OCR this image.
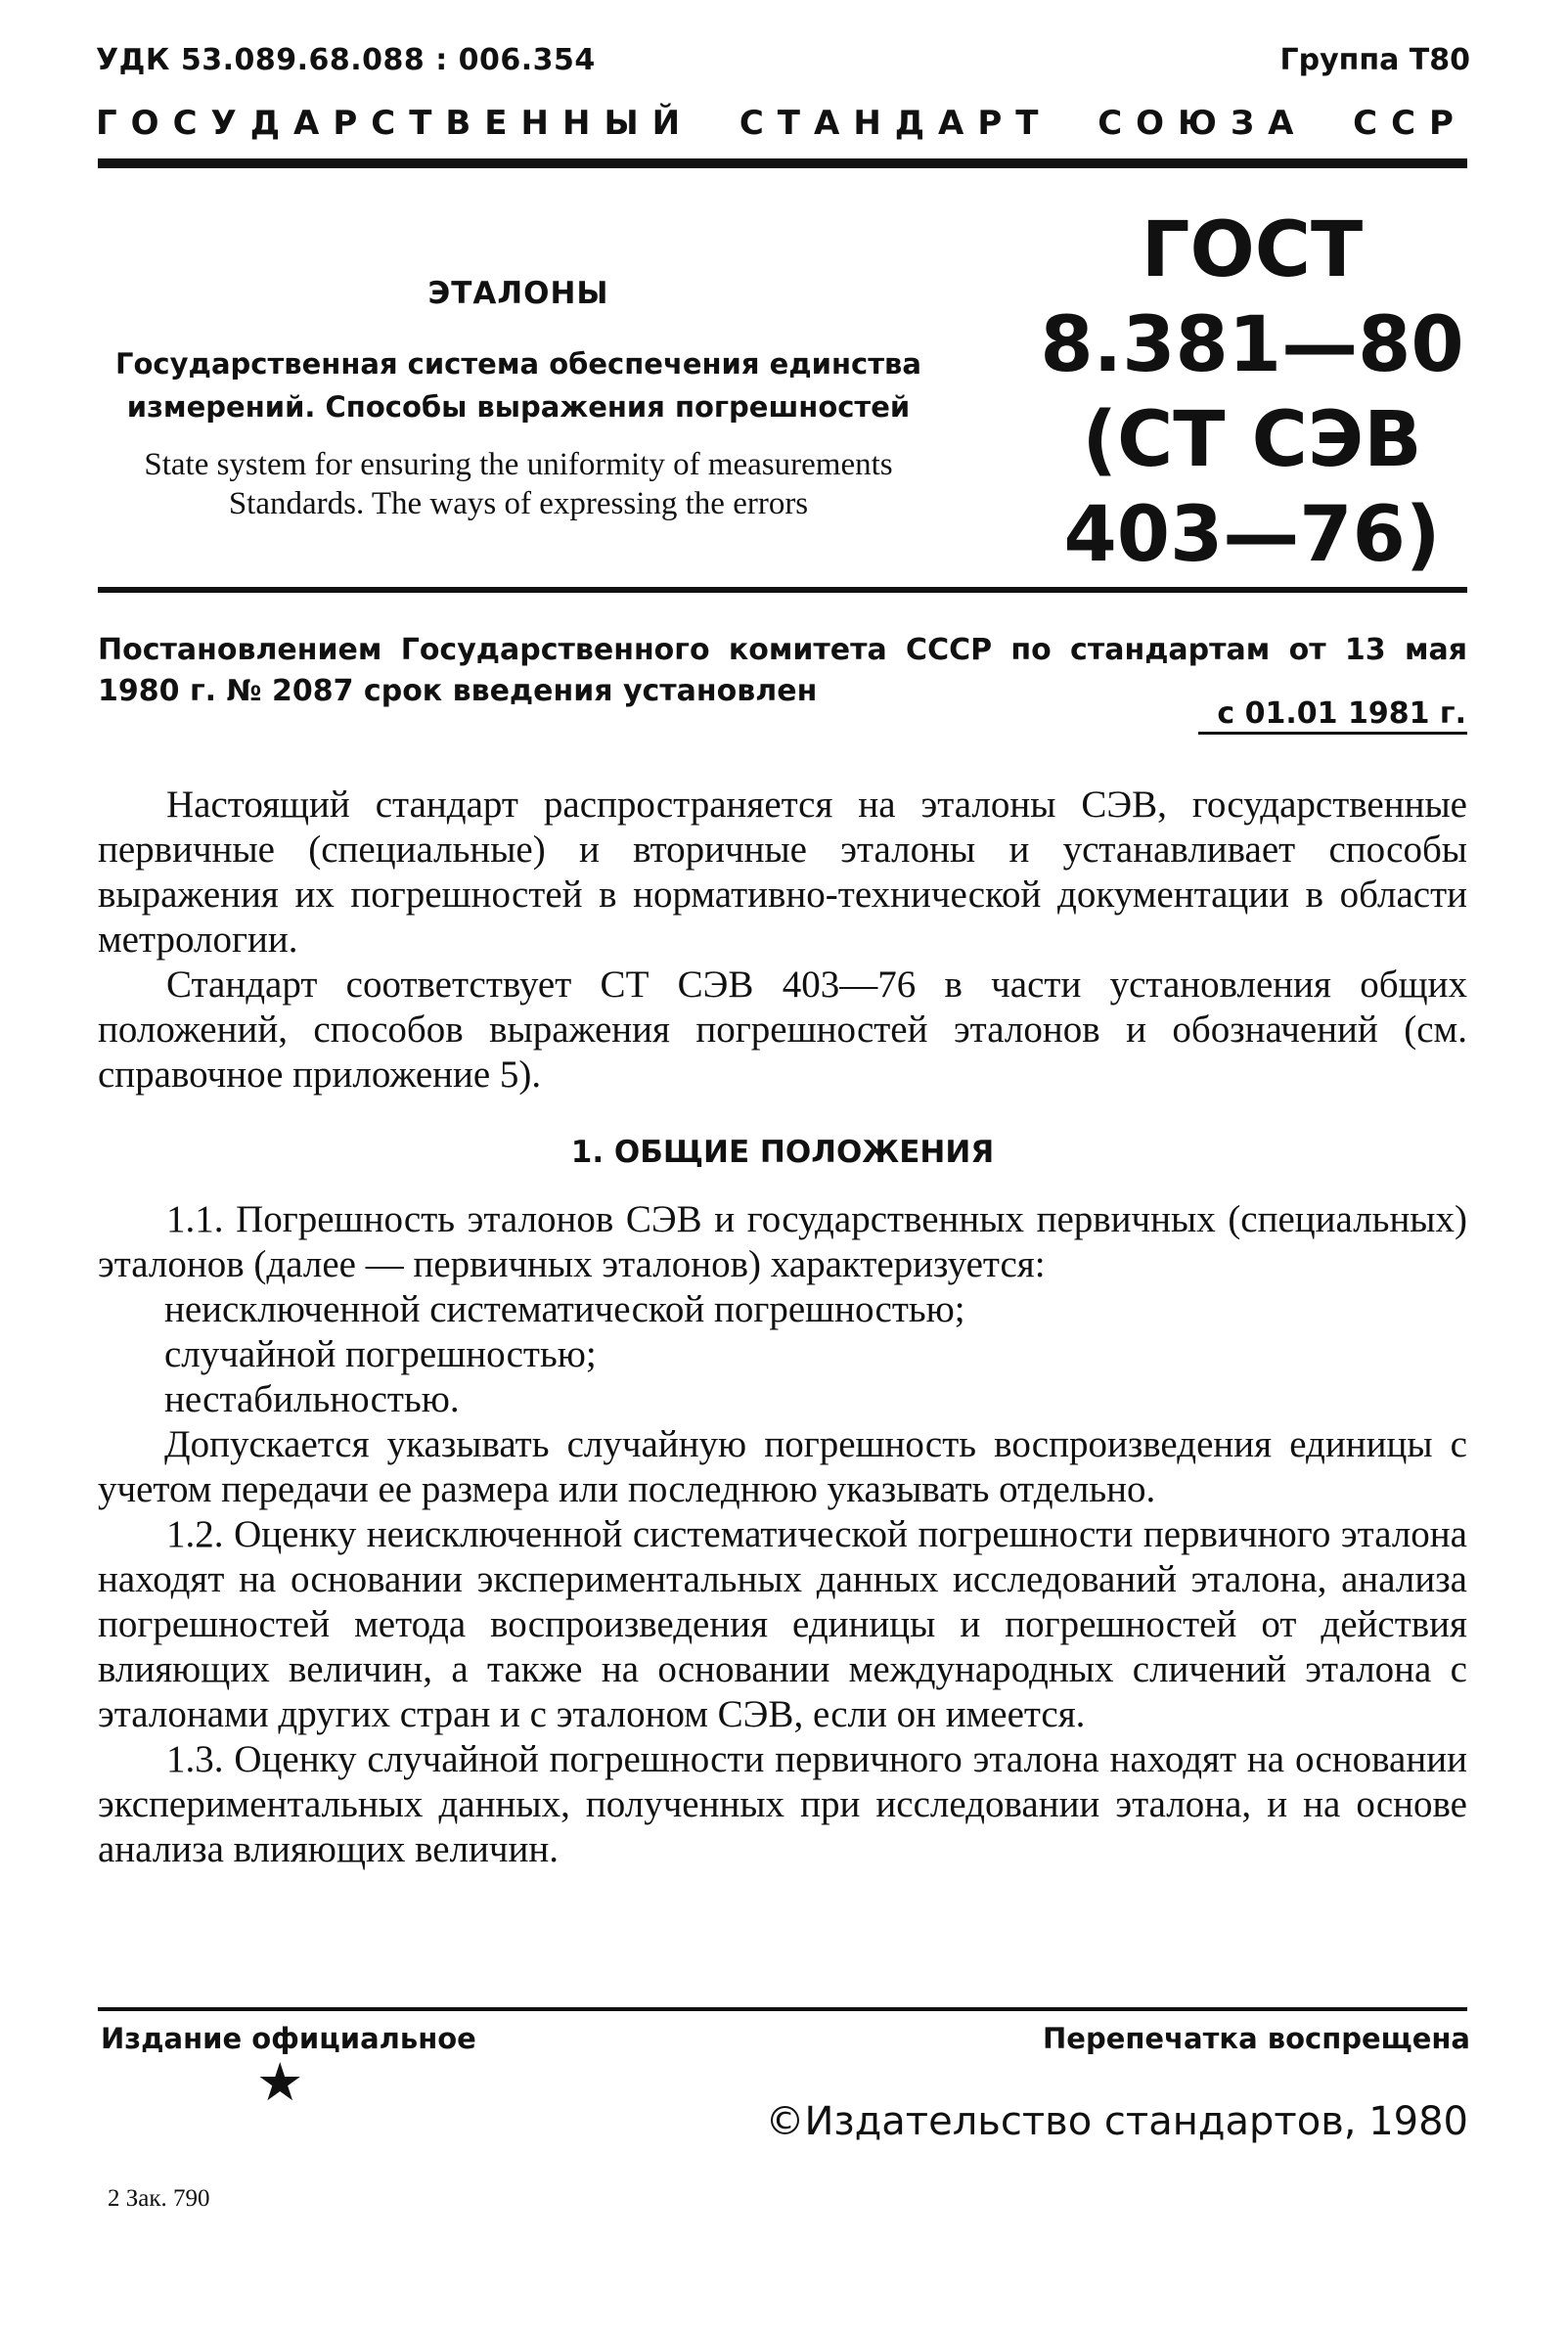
УДК 53.089.68.088 : 006.354	Группа Т80
ГОСУДАРСТВЕННЫЙ СТАНДАРТ СОЮЗА ССР
ЭТАЛОНЫ
Государственная система обеспечения единства измерений. Способы выражения погрешностей
State system for ensuring the uniformity of measurements Standards. The ways of expressing the errors
ГОСТ
8.381—80
(СТ СЭВ
403—76)
Постановлением Государственного комитета СССР по стандартам от 13 мая 1980 г. № 2087 срок введения установлен
с 01.01 1981 г.

Настоящий стандарт распространяется на эталоны СЭВ, государственные первичные (специальные) и вторичные эталоны и устанавливает способы выражения их погрешностей в нормативно-технической документации в области метрологии.

Стандарт соответствует СТ СЭВ 403—76 в части установления общих положений, способов выражения погрешностей эталонов и обозначений (см. справочное приложение 5).

1. ОБЩИЕ ПОЛОЖЕНИЯ

1.1. Погрешность эталонов СЭВ и государственных первичных (специальных) эталонов (далее — первичных эталонов) характеризуется:

неисключенной систематической погрешностью;

случайной погрешностью;

нестабильностью.

Допускается указывать случайную погрешность воспроизведения единицы с учетом передачи ее размера или последнюю указывать отдельно.

1.2. Оценку неисключенной систематической погрешности первичного эталона находят на основании экспериментальных данных исследований эталона, анализа погрешностей метода воспроизведения единицы и погрешностей от действия влияющих величин, а также на основании международных сличений эталона с эталонами других стран и с эталоном СЭВ, если он имеется.

1.3. Оценку случайной погрешности первичного эталона находят на основании экспериментальных данных, полученных при исследовании эталона, и на основе анализа влияющих величин.

Издание официальное	Перепечатка воспрещена
★
©Издательство стандартов, 1980
2 Зак. 790
